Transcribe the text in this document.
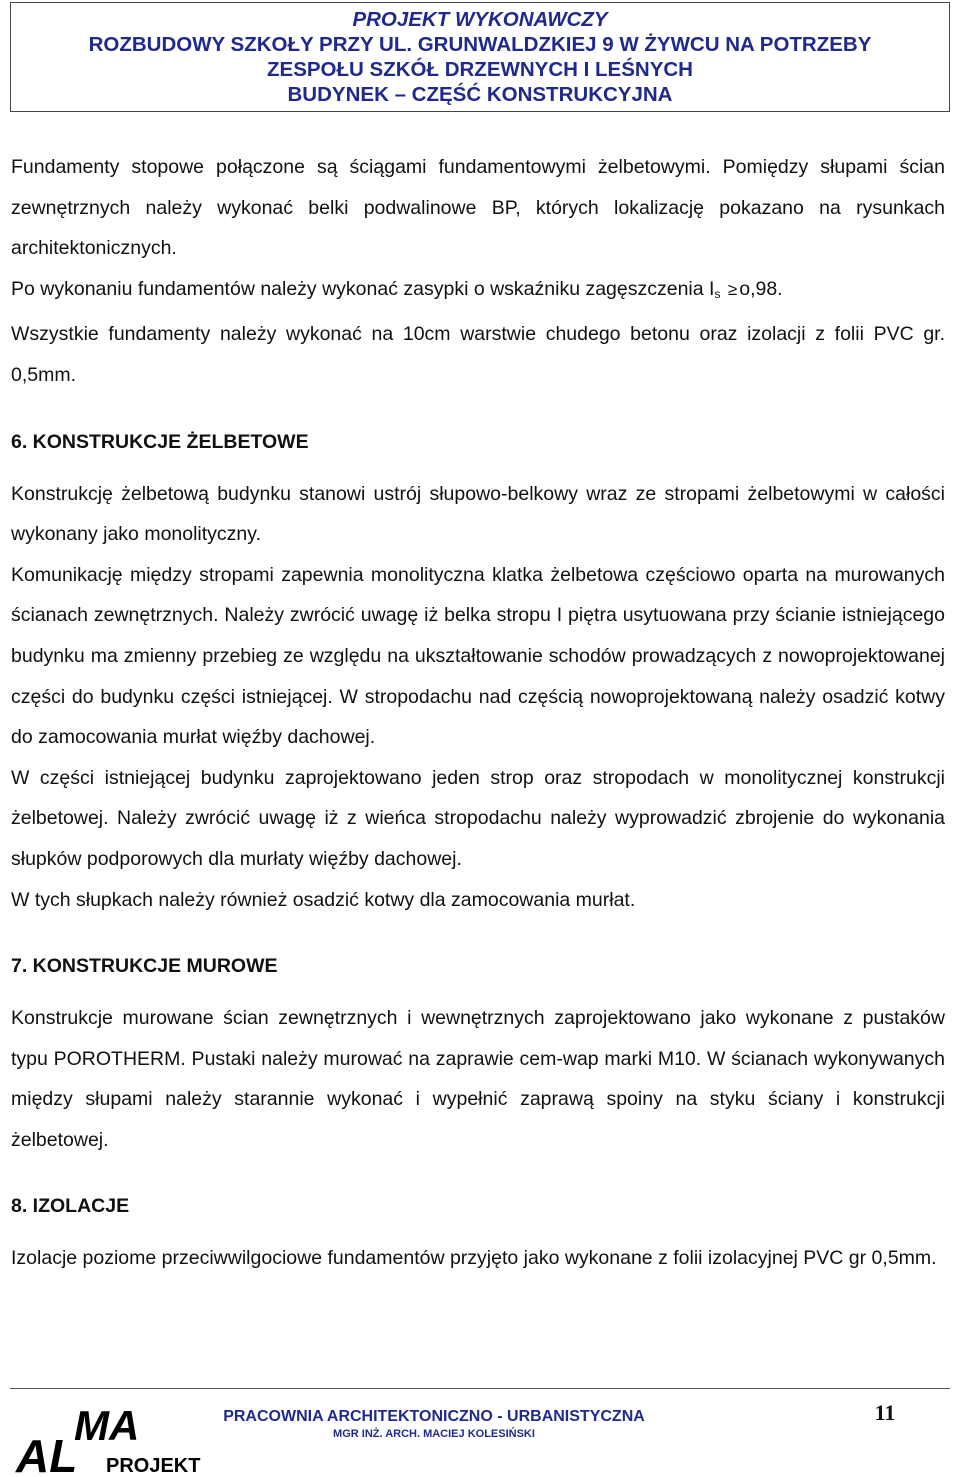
PROJEKT WYKONAWCZY
ROZBUDOWY SZKOŁY PRZY UL. GRUNWALDZKIEJ 9 W ŻYWCU NA POTRZEBY
ZESPOŁU SZKÓŁ DRZEWNYCH I LEŚNYCH
BUDYNEK – CZĘŚĆ KONSTRUKCYJNA

Fundamenty stopowe połączone są ściągami fundamentowymi żelbetowymi. Pomiędzy słupami ścian zewnętrznych należy wykonać belki podwalinowe BP, których lokalizację pokazano na rysunkach architektonicznych.

Po wykonaniu fundamentów należy wykonać zasypki o wskaźniku zagęszczenia $I_s \ge o,98$.

Wszystkie fundamenty należy wykonać na 10cm warstwie chudego betonu oraz izolacji z folii PVC gr. 0,5mm.

6. KONSTRUKCJE ŻELBETOWE

Konstrukcję żelbetową budynku stanowi ustrój słupowo-belkowy wraz ze stropami żelbetowymi w całości wykonany jako monolityczny.

Komunikację między stropami zapewnia monolityczna klatka żelbetowa częściowo oparta na murowanych ścianach zewnętrznych. Należy zwrócić uwagę iż belka stropu I piętra usytuowana przy ścianie istniejącego budynku ma zmienny przebieg ze względu na ukształtowanie schodów prowadzących z nowoprojektowanej części do budynku części istniejącej. W stropodachu nad częścią nowoprojektowaną należy osadzić kotwy do zamocowania murłat więźby dachowej.

W części istniejącej budynku zaprojektowano jeden strop oraz stropodach w monolitycznej konstrukcji żelbetowej. Należy zwrócić uwagę iż z wieńca stropodachu należy wyprowadzić zbrojenie do wykonania słupków podporowych dla murłaty więźby dachowej.

W tych słupkach należy również osadzić kotwy dla zamocowania murłat.

7. KONSTRUKCJE MUROWE

Konstrukcje murowane ścian zewnętrznych i wewnętrznych zaprojektowano jako wykonane z pustaków typu POROTHERM. Pustaki należy murować na zaprawie cem-wap marki M10. W ścianach wykonywanych między słupami należy starannie wykonać i wypełnić zaprawą spoiny na styku ściany i konstrukcji żelbetowej.

8. IZOLACJE

Izolacje poziome przeciwwilgociowe fundamentów przyjęto jako wykonane z folii izolacyjnej PVC gr 0,5mm.

AL
MA
PROJEKT
PRACOWNIA ARCHITEKTONICZNO - URBANISTYCZNA
MGR INŻ. ARCH. MACIEJ KOLESIŃSKI
11
